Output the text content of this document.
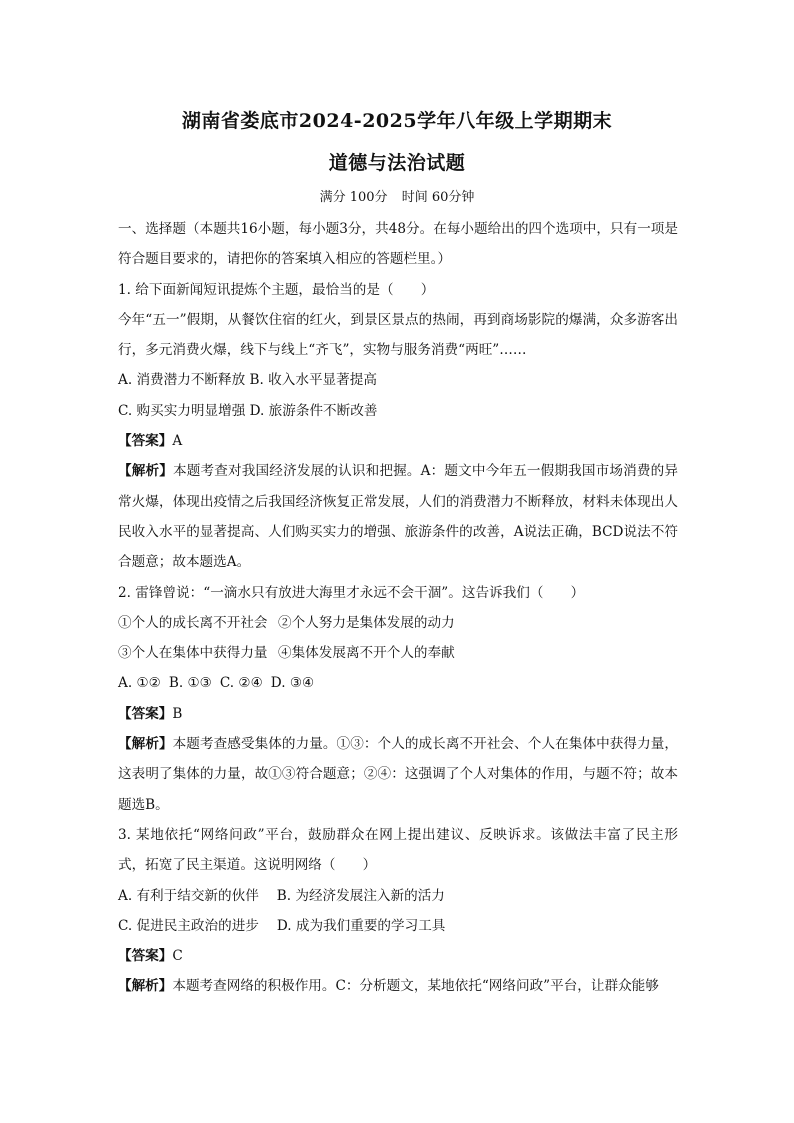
湖南省娄底市2024-2025学年八年级上学期期末
道德与法治试题
满分 100分 时间 60分钟

一、选择题（本题共16小题，每小题3分，共48分。在每小题给出的四个选项中，只有一项是符合题目要求的，请把你的答案填入相应的答题栏里。）

1. 给下面新闻短讯提炼个主题，最恰当的是（　　）

今年“五一”假期，从餐饮住宿的红火，到景区景点的热闹，再到商场影院的爆满，众多游客出行，多元消费火爆，线下与线上“齐飞”，实物与服务消费“两旺”……

A. 消费潜力不断释放 B. 收入水平显著提高

C. 购买实力明显增强 D. 旅游条件不断改善

【答案】A

【解析】本题考查对我国经济发展的认识和把握。A：题文中今年五一假期我国市场消费的异常火爆，体现出疫情之后我国经济恢复正常发展，人们的消费潜力不断释放，材料未体现出人民收入水平的显著提高、人们购买实力的增强、旅游条件的改善，A说法正确，BCD说法不符合题意；故本题选A。

2. 雷锋曾说：“一滴水只有放进大海里才永远不会干涸”。这告诉我们（　　）

①个人的成长离不开社会 ②个人努力是集体发展的动力

③个人在集体中获得力量 ④集体发展离不开个人的奉献

A. ①② B. ①③ C. ②④ D. ③④

【答案】B

【解析】本题考查感受集体的力量。①③：个人的成长离不开社会、个人在集体中获得力量，这表明了集体的力量，故①③符合题意；②④：这强调了个人对集体的作用，与题不符；故本题选B。

3. 某地依托“网络问政”平台，鼓励群众在网上提出建议、反映诉求。该做法丰富了民主形式，拓宽了民主渠道。这说明网络（　　）

A. 有利于结交新的伙伴　 B. 为经济发展注入新的活力

C. 促进民主政治的进步　 D. 成为我们重要的学习工具

【答案】C

【解析】本题考查网络的积极作用。C：分析题文，某地依托“网络问政”平台，让群众能够
